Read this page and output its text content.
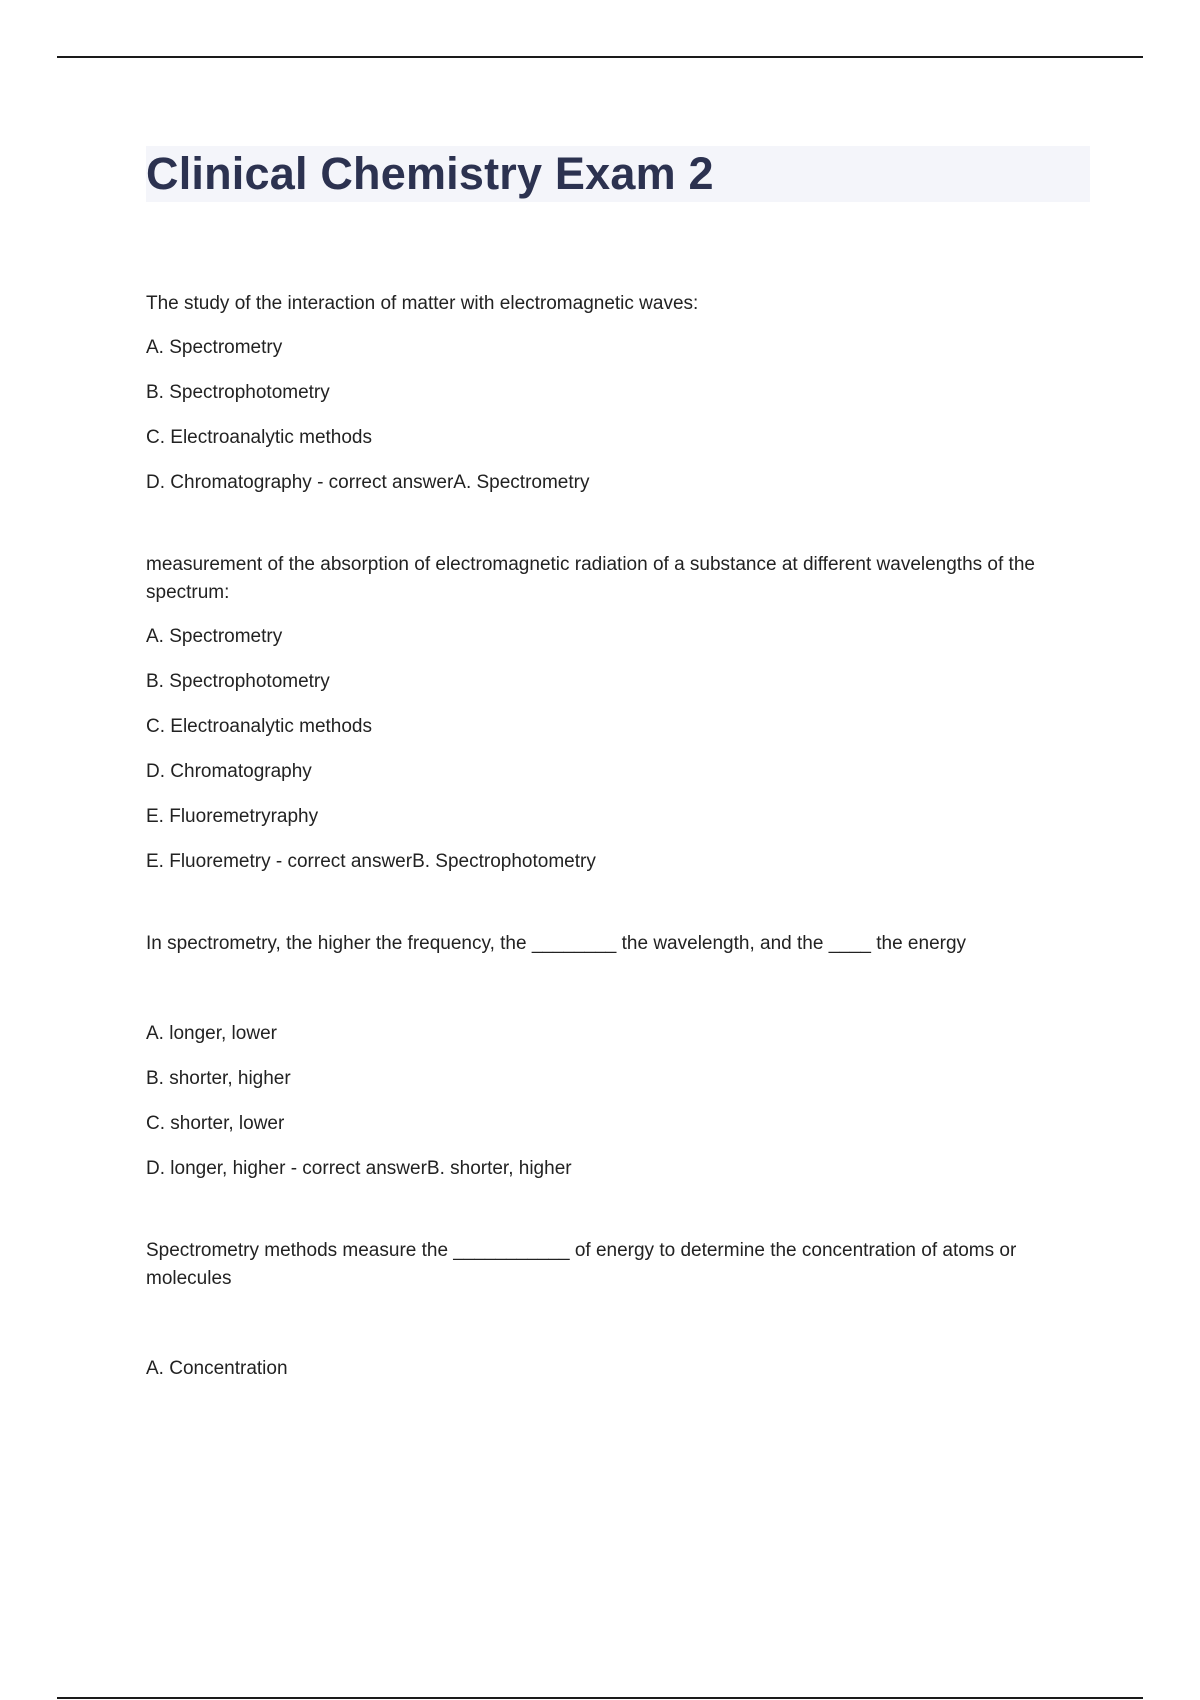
Clinical Chemistry Exam 2

The study of the interaction of matter with electromagnetic waves:

A. Spectrometry

B. Spectrophotometry

C. Electroanalytic methods

D. Chromatography - correct answerA. Spectrometry

measurement of the absorption of electromagnetic radiation of a substance at different wavelengths of the spectrum:

A. Spectrometry

B. Spectrophotometry

C. Electroanalytic methods

D. Chromatography

E. Fluoremetryraphy

E. Fluoremetry - correct answerB. Spectrophotometry

In spectrometry, the higher the frequency, the ________ the wavelength, and the ____ the energy

A. longer, lower

B. shorter, higher

C. shorter, lower

D. longer, higher - correct answerB. shorter, higher

Spectrometry methods measure the ___________ of energy to determine the concentration of atoms or molecules

A. Concentration
